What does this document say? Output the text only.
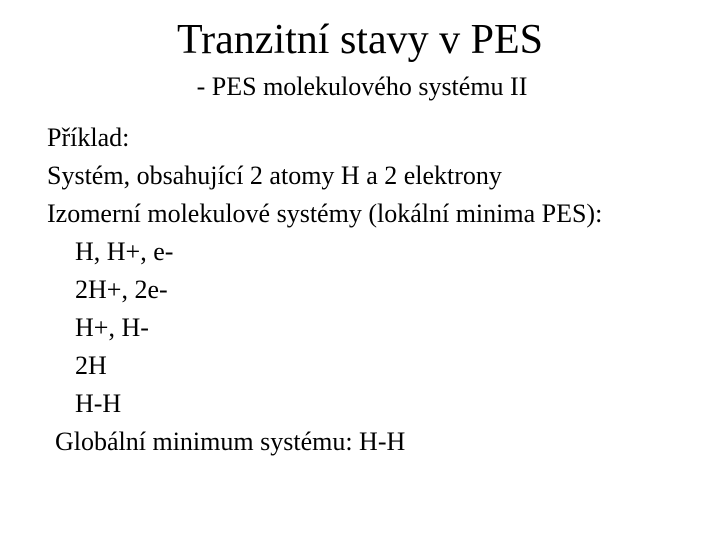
Tranzitní stavy v PES
- PES molekulového systému II
Příklad:
Systém, obsahující 2 atomy H a 2 elektrony
Izomerní molekulové systémy (lokální minima PES):
H, H+, e-
2H+, 2e-
H+, H-
2H
H-H
Globální minimum systému: H-H
